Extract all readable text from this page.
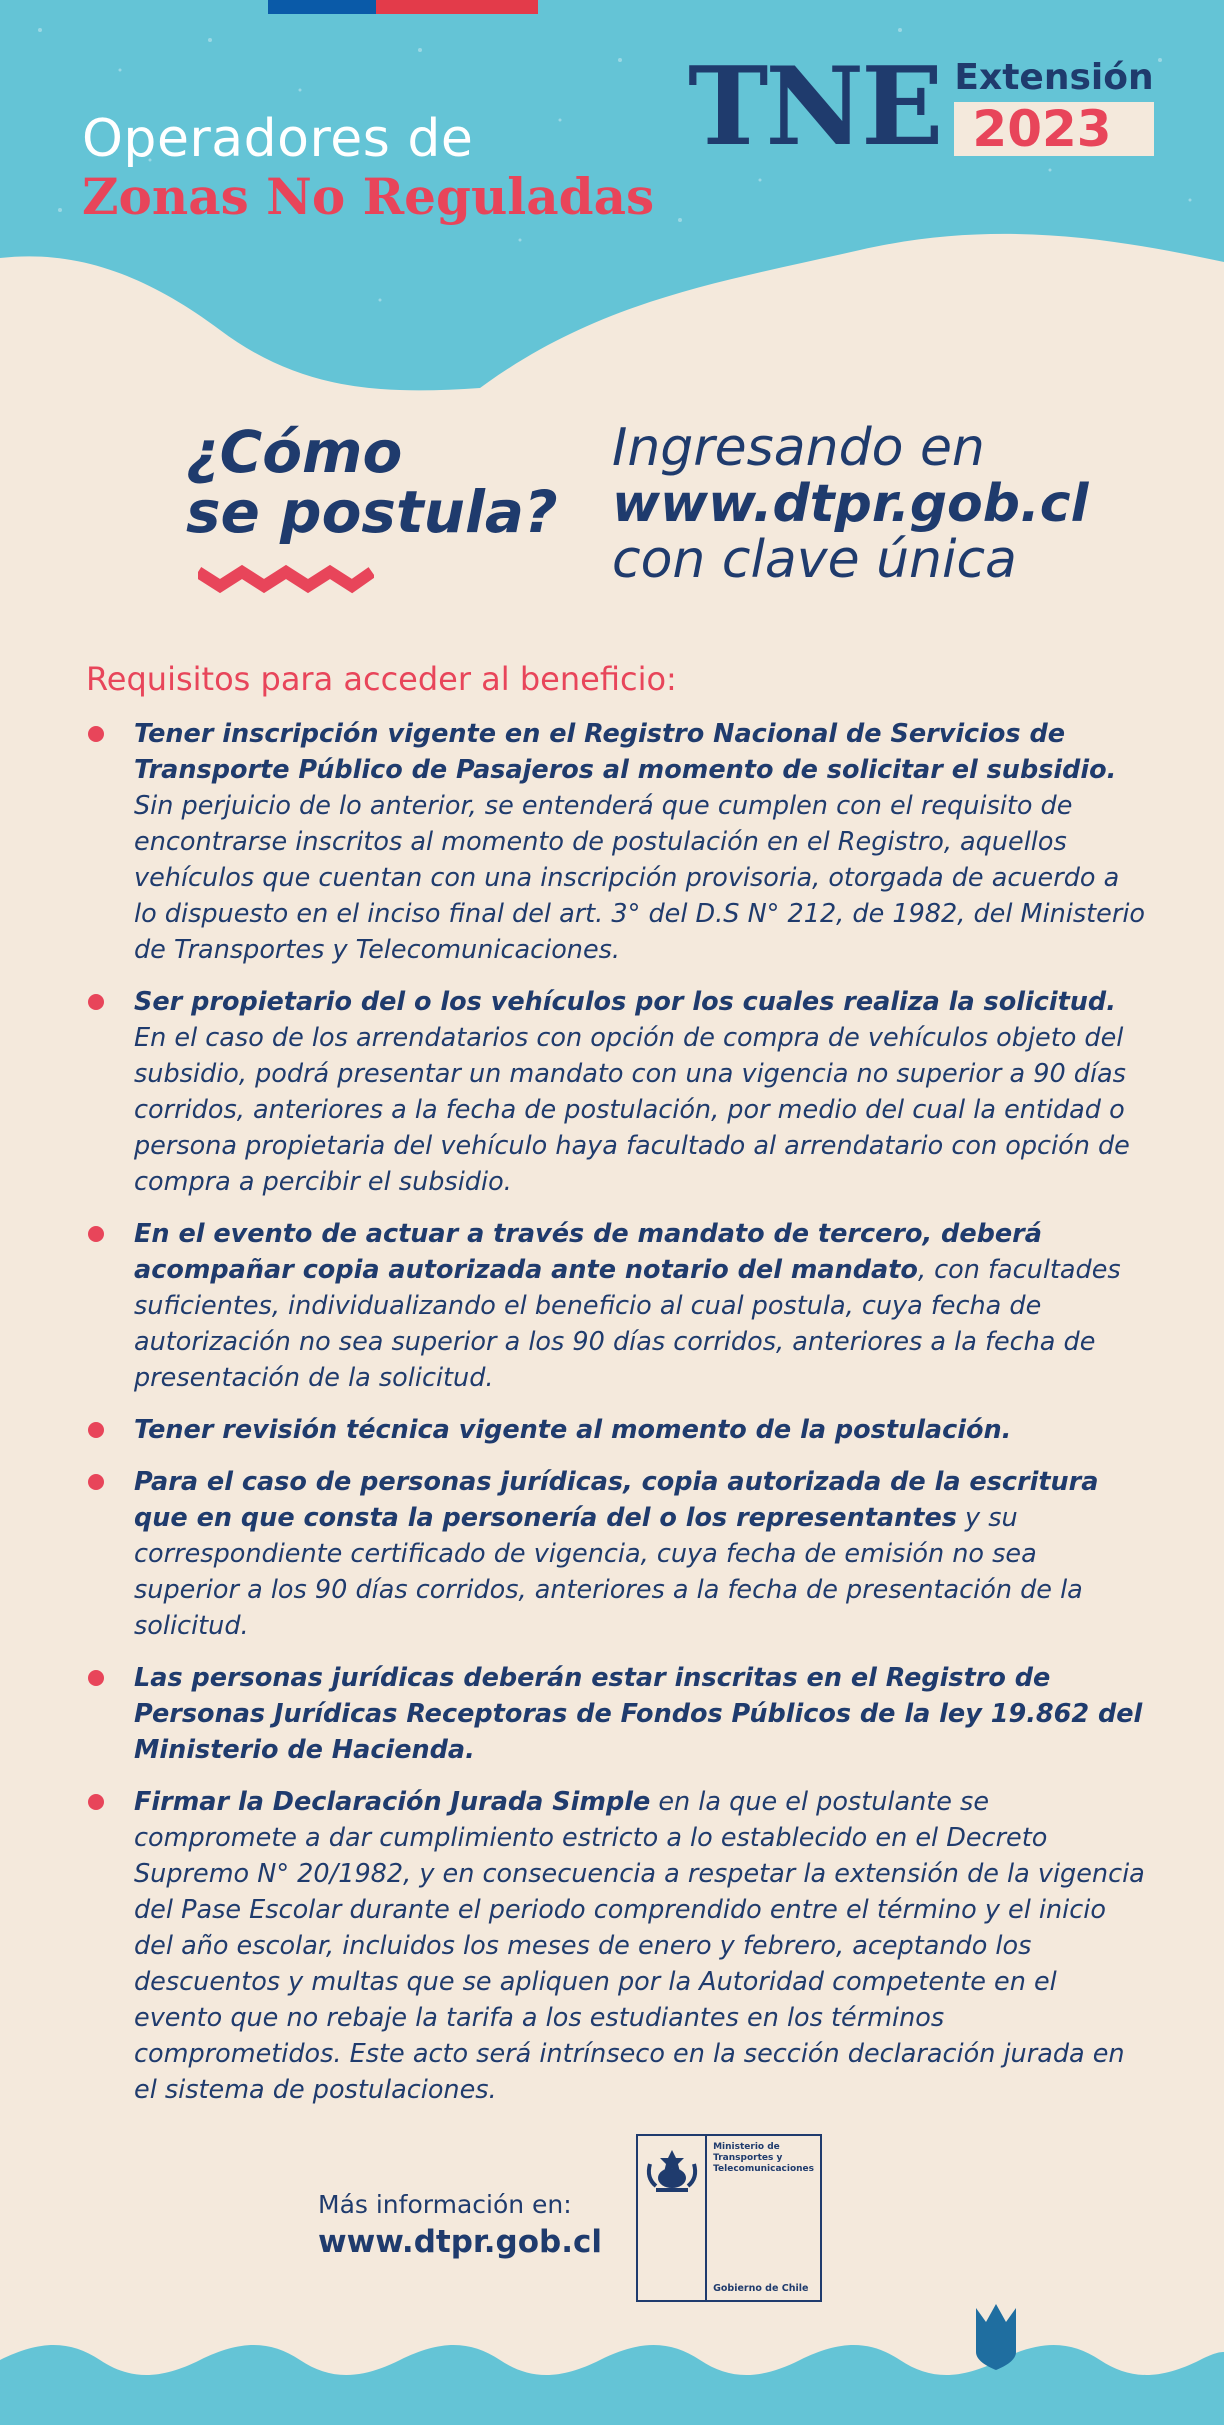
Operadores de
Zonas No Reguladas
TNE Extensión
2023
¿Cómo
se postula?
Ingresando en
www.dtpr.gob.cl
con clave única
Requisitos para acceder al beneficio:
Tener inscripción vigente en el Registro Nacional de Servicios de Transporte Público de Pasajeros al momento de solicitar el subsidio. Sin perjuicio de lo anterior, se entenderá que cumplen con el requisito de encontrarse inscritos al momento de postulación en el Registro, aquellos vehículos que cuentan con una inscripción provisoria, otorgada de acuerdo a lo dispuesto en el inciso final del art. 3° del D.S N° 212, de 1982, del Ministerio de Transportes y Telecomunicaciones.
Ser propietario del o los vehículos por los cuales realiza la solicitud. En el caso de los arrendatarios con opción de compra de vehículos objeto del subsidio, podrá presentar un mandato con una vigencia no superior a 90 días corridos, anteriores a la fecha de postulación, por medio del cual la entidad o persona propietaria del vehículo haya facultado al arrendatario con opción de compra a percibir el subsidio.
En el evento de actuar a través de mandato de tercero, deberá acompañar copia autorizada ante notario del mandato, con facultades suficientes, individualizando el beneficio al cual postula, cuya fecha de autorización no sea superior a los 90 días corridos, anteriores a la fecha de presentación de la solicitud.
Tener revisión técnica vigente al momento de la postulación.
Para el caso de personas jurídicas, copia autorizada de la escritura que en que consta la personería del o los representantes y su correspondiente certificado de vigencia, cuya fecha de emisión no sea superior a los 90 días corridos, anteriores a la fecha de presentación de la solicitud.
Las personas jurídicas deberán estar inscritas en el Registro de Personas Jurídicas Receptoras de Fondos Públicos de la ley 19.862 del Ministerio de Hacienda.
Firmar la Declaración Jurada Simple en la que el postulante se compromete a dar cumplimiento estricto a lo establecido en el Decreto Supremo N° 20/1982, y en consecuencia a respetar la extensión de la vigencia del Pase Escolar durante el periodo comprendido entre el término y el inicio del año escolar, incluidos los meses de enero y febrero, aceptando los descuentos y multas que se apliquen por la Autoridad competente en el evento que no rebaje la tarifa a los estudiantes en los términos comprometidos. Este acto será intrínseco en la sección declaración jurada en el sistema de postulaciones.
Más información en:
www.dtpr.gob.cl
Ministerio de Transportes y Telecomunicaciones
Gobierno de Chile
